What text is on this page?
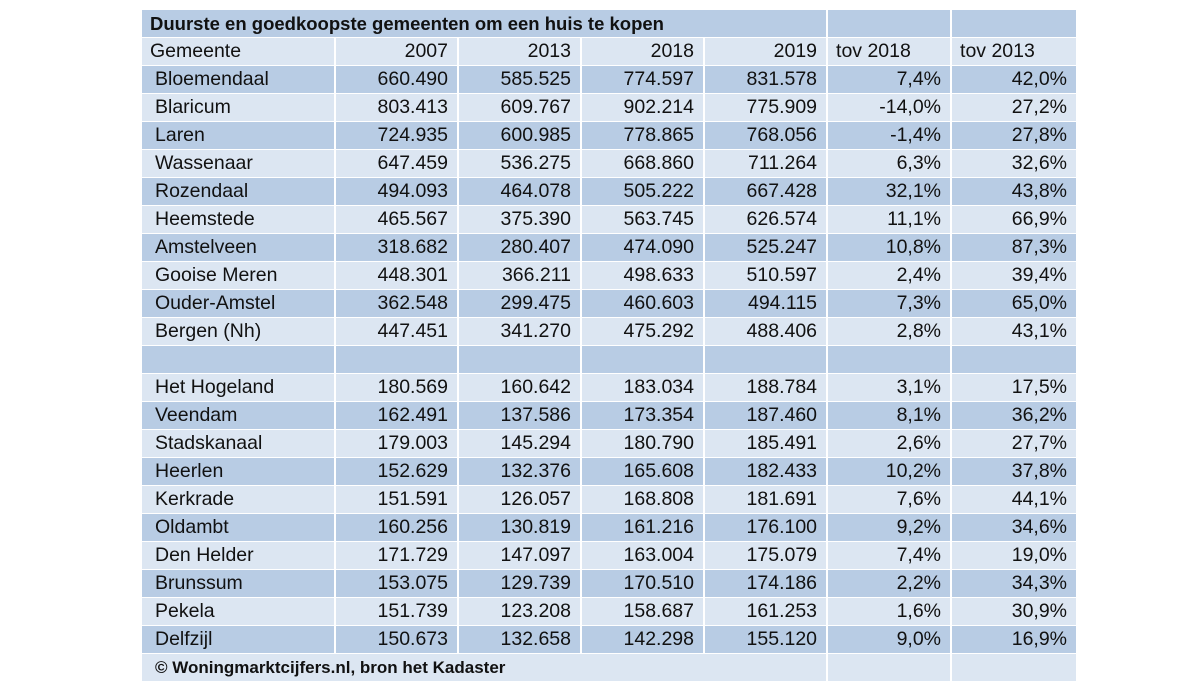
Duurste en goedkoopste gemeenten om een huis te kopen						
Gemeente	2007	2013	2018	2019	tov 2018	tov 2013
Bloemendaal	660.490	585.525	774.597	831.578	7,4%	42,0%
Blaricum	803.413	609.767	902.214	775.909	-14,0%	27,2%
Laren	724.935	600.985	778.865	768.056	-1,4%	27,8%
Wassenaar	647.459	536.275	668.860	711.264	6,3%	32,6%
Rozendaal	494.093	464.078	505.222	667.428	32,1%	43,8%
Heemstede	465.567	375.390	563.745	626.574	11,1%	66,9%
Amstelveen	318.682	280.407	474.090	525.247	10,8%	87,3%
Gooise Meren	448.301	366.211	498.633	510.597	2,4%	39,4%
Ouder-Amstel	362.548	299.475	460.603	494.115	7,3%	65,0%
Bergen (Nh)	447.451	341.270	475.292	488.406	2,8%	43,1%

Het Hogeland	180.569	160.642	183.034	188.784	3,1%	17,5%
Veendam	162.491	137.586	173.354	187.460	8,1%	36,2%
Stadskanaal	179.003	145.294	180.790	185.491	2,6%	27,7%
Heerlen	152.629	132.376	165.608	182.433	10,2%	37,8%
Kerkrade	151.591	126.057	168.808	181.691	7,6%	44,1%
Oldambt	160.256	130.819	161.216	176.100	9,2%	34,6%
Den Helder	171.729	147.097	163.004	175.079	7,4%	19,0%
Brunssum	153.075	129.739	170.510	174.186	2,2%	34,3%
Pekela	151.739	123.208	158.687	161.253	1,6%	30,9%
Delfzijl	150.673	132.658	142.298	155.120	9,0%	16,9%
© Woningmarktcijfers.nl, bron het Kadaster						
